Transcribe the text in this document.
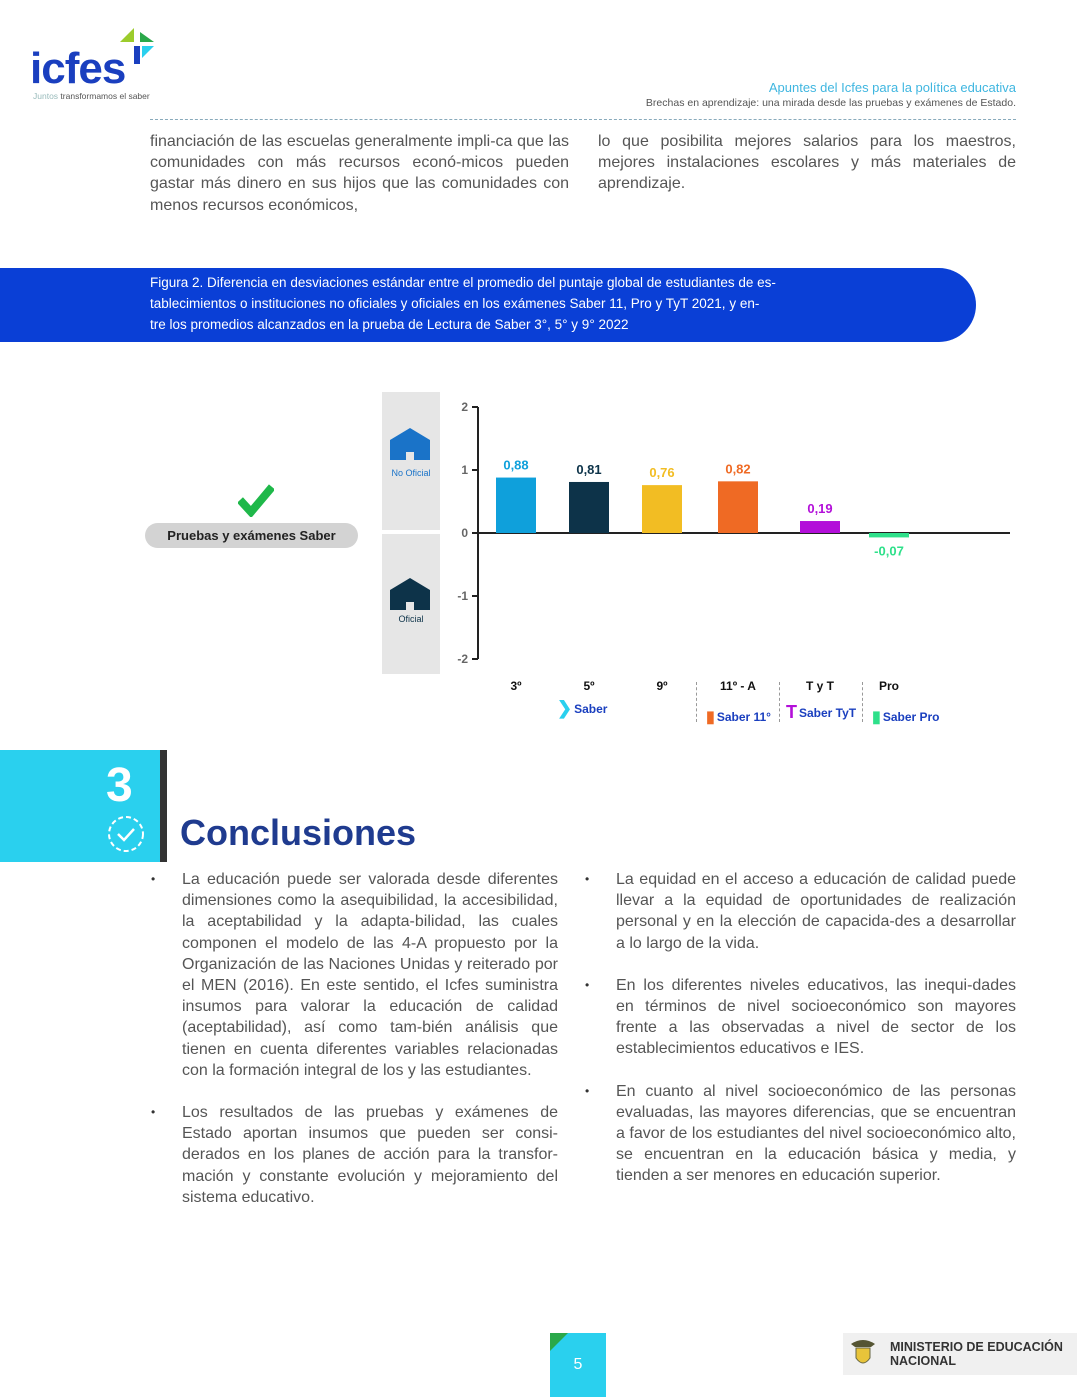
icfes
Juntos transformamos el saber
Apuntes del Icfes para la política educativa
Brechas en aprendizaje: una mirada desde las pruebas y exámenes de Estado.

financiación de las escuelas generalmente impli-ca que las comunidades con más recursos econó-micos pueden gastar más dinero en sus hijos que las comunidades con menos recursos económicos,

lo que posibilita mejores salarios para los maestros, mejores instalaciones escolares y más materiales de aprendizaje.

Figura 2. Diferencia en desviaciones estándar entre el promedio del puntaje global de estudiantes de es-
tablecimientos o instituciones no oficiales y oficiales en los exámenes Saber 11, Pro y TyT 2021, y en-
tre los promedios alcanzados en la prueba de Lectura de Saber 3°, 5° y 9° 2022
Pruebas y exámenes Saber
No Oficial
Oficial
2
1
0
-1
-2
0,88	0,81	0,76	0,82
0,19
-0,07
3º	5º	9º	11º - A	T y T	Pro
❯ Saber
▮ Saber 11° T Saber TyT ▮ Saber Pro
3
Conclusiones
• La educación puede ser valorada desde diferentes dimensiones como la asequibilidad, la accesibilidad, la aceptabilidad y la adapta-bilidad, las cuales componen el modelo de las 4-A propuesto por la Organización de las Naciones Unidas y reiterado por el MEN (2016). En este sentido, el Icfes suministra insumos para valorar la educación de calidad (aceptabilidad), así como tam-bién análisis que tienen en cuenta diferentes variables relacionadas con la formación integral de los y las estudiantes.
• Los resultados de las pruebas y exámenes de Estado aportan insumos que pueden ser consi-derados en los planes de acción para la transfor-mación y constante evolución y mejoramiento del sistema educativo.
• La equidad en el acceso a educación de calidad puede llevar a la equidad de oportunidades de realización personal y en la elección de capacida-des a desarrollar a lo largo de la vida.
• En los diferentes niveles educativos, las inequi-dades en términos de nivel socioeconómico son mayores frente a las observadas a nivel de sector de los establecimientos educativos e IES.
• En cuanto al nivel socioeconómico de las personas evaluadas, las mayores diferencias, que se encuentran a favor de los estudiantes del nivel socioeconómico alto, se encuentran en la educación básica y media, y tienden a ser menores en educación superior.
5
MINISTERIO DE EDUCACIÓN
NACIONAL
